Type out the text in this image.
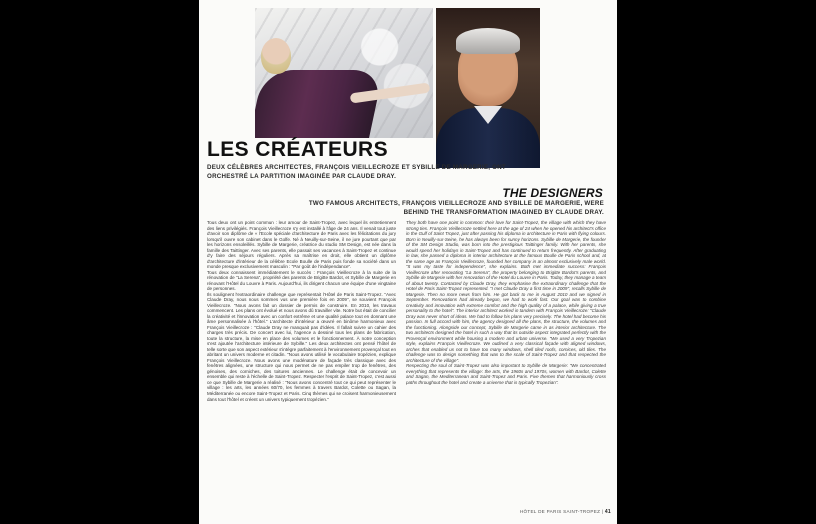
LES CRÉATEURS

DEUX CÉLÈBRES ARCHITECTES, FRANÇOIS VIEILLECROZE ET SYBILLE DE MARGERIE, ONT ORCHESTRÉ LA PARTITION IMAGINÉE PAR CLAUDE DRAY.

THE DESIGNERS

TWO FAMOUS ARCHITECTS, FRANÇOIS VIEILLECROZE AND SYBILLE DE MARGERIE, WERE BEHIND THE TRANSFORMATION IMAGINED BY CLAUDE DRAY.

Tous deux ont un point commun : leur amour de Saint-Tropez, avec lequel ils entretiennent des liens privilégiés. François Vieillecroze s'y est installé à l'âge de 24 ans. Il venait tout juste d'avoir son diplôme de « l'Ecole spéciale d'architecture de Paris avec les félicitations du jury lorsqu'il ouvre son cabinet dans le Golfe. Né à Neuilly-sur-Seine, il ne jure pourtant que par les horizons ensoleillés. Sybille de Margerie, créatrice du studio SM Design, est née dans la famille des Taittinger. Avec ses parents, elle passait ses vacances à Saint-Tropez et continue d'y faire des séjours réguliers. Après sa maîtrise en droit, elle obtient un diplôme d'architecture d'intérieur de la célèbre Ecole Boulle de Paris puis fonde sa société dans un monde presque exclusivement masculin : "Par goût de l'indépendance".
Tous deux connaissent immédiatement le succès : François Vieillecroze à la suite de la rénovation de "La Serena", propriété des parents de Brigitte Bardot, et Sybille de Margerie en rénovant l'Hôtel du Louvre à Paris. Aujourd'hui, ils dirigent chacun une équipe d'une vingtaine de personnes.
Ils soulignent l'extraordinaire challenge que représentait l'Hôtel de Paris Saint-Tropez. "Avec Claude Dray, nous nous sommes vus une première fois en 2009", se souvient François Vieillecroze. "Nous avons fait un dossier de permis de construire. En 2010, les travaux commencent. Les plans ont évolué et nous avons dû travailler vite. Notre but était de concilier la créativité et l'innovation avec un confort extrême et une qualité palace tout en donnant une âme personnalisée à l'hôtel." L'architecte d'intérieur a œuvré en binôme harmonieux avec François Vieillecroze : "Claude Dray ne manquait pas d'idées. Il fallait suivre un cahier des charges très précis. De concert avec lui, l'agence a dessiné tous les plans de fabrication, toute la structure, la mise en place des volumes et le fonctionnement. À notre conception s'est ajoutée l'architecture intérieure de Sybille." Les deux architectes ont pensé l'hôtel de telle sorte que son aspect extérieur s'intègre parfaitement à l'environnement provençal tout en abritant un univers moderne et citadin. "Nous avons utilisé le vocabulaire tropézien, explique François Vieillecroze. Nous avons une modénature de façade très classique avec des fenêtres alignées, une structure qui nous permet de ne pas empiler trop de fenêtres, des génoises, des corniches, des toitures anciennes. Le challenge était de concevoir un ensemble qui reste à l'échelle de Saint-Tropez. Respecter l'esprit de Saint-Tropez, c'est aussi ce que Sybille de Margerie a réalisé : "Nous avons concentré tout ce qui peut représenter le village : les arts, les années 60/70, les femmes à travers Bardot, Colette ou Sagan, la Méditerranée ou encore Saint-Tropez et Paris. Cinq thèmes qui se croisent harmonieusement dans tout l'hôtel et créent un univers typiquement tropézien."

They both have one point in common: their love for Saint-Tropez, the village with which they have strong ties. François Vieillecroze settled here at the age of 24 when he opened his architect's office in the Gulf of Saint Tropez, just after passing his diploma in architecture in Paris with flying colours. Born in Neuilly-sur-Seine, he has always been for sunny horizons. Sybille de Margerie, the founder of the SM Design Studio, was born into the prestigious Taittinger family. With her parents, she would spend her holidays in Saint-Tropez and has continued to return frequently. After graduating in law, she passed a diploma in interior architecture at the famous Boulle de Paris school and, at the same age as François Vieillecroze, founded her company in an almost exclusively male world. "It was my taste for independence", she explains. Both met immediate success: François Vieillecroze after renovating "La Serena", the property belonging to Brigitte Bardot's parents, and Sybille de Margerie with her renovation of the Hotel du Louvre in Paris. Today, they manage a team of about twenty. Contacted by Claude Dray, they emphasise the extraordinary challenge that the Hotel de Paris Saint-Tropez represented. "I met Claude Dray a first time in 2009", recalls Sybille de Margerie. Then no more news from him. He got back to me in August 2010 and we signed in September. Renovations had already begun, we had to work fast. Our goal was to combine creativity and innovation with extreme comfort and the high quality of a palace, while giving a true personality to the hotel". The interior architect worked in tandem with François Vieillecroze: "Claude Dray was never short of ideas. We had to follow his plans very precisely. The hotel had become his passion. In full accord with him, the agency designed all the plans, the structure, the volumes and the functioning. Alongside our concept, Sybille de Margerie came in as interior architecture. The two architects designed the hotel in such a way that its outside aspect integrated perfectly with the Provençal environment while housing a modern and urban universe. "We used a very Tropezian style, explains François Vieillecroze. We outlined a very classical façade with aligned windows, arches that enabled us not to have too many windows, shell tiled roofs, cornices, old tiles. The challenge was to design something that was to the scale of Saint-Tropez and that respected the architecture of the village".
Respecting the soul of Saint-Tropez was also important to Sybille de Margerie: "We concentrated everything that represents the village: the arts, the 1960s and 1970s, women with Bardot, Colette and Sagan, the Mediterranean and Saint-Tropez and Paris. Five themes that harmoniously cross paths throughout the hotel and create a universe that is typically Tropezian".

HÔTEL DE PARIS SAINT-TROPEZ | 41
